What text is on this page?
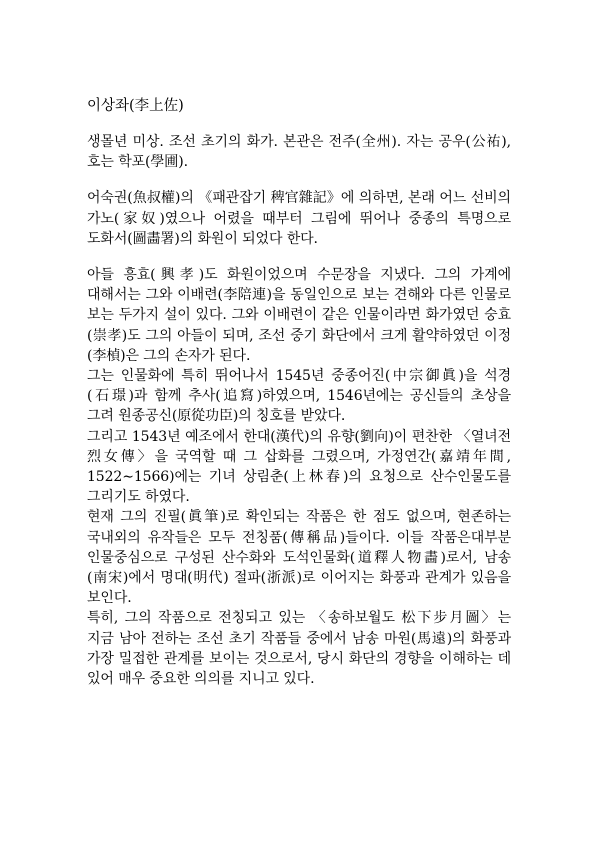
이상좌(李上佐)

생몰년 미상. 조선 초기의 화가. 본관은 전주(全州). 자는 공우(公祐), 호는 학포(學圃).

어숙권(魚叔權)의 《패관잡기 稗官雜記》에 의하면, 본래 어느 선비의 가노(家奴)였으나 어렸을 때부터 그림에 뛰어나 중종의 특명으로 도화서(圖畵署)의 화원이 되었다 한다.

아들 흥효(興孝)도 화원이었으며 수문장을 지냈다. 그의 가계에 대해서는 그와 이배련(李陪連)을 동일인으로 보는 견해와 다른 인물로 보는 두가지 설이 있다. 그와 이배련이 같은 인물이라면 화가였던 숭효(崇孝)도 그의 아들이 되며, 조선 중기 화단에서 크게 활약하였던 이정(李楨)은 그의 손자가 된다.

그는 인물화에 특히 뛰어나서 1545년 중종어진(中宗御眞)을 석경(石璟)과 함께 추사(追寫)하였으며, 1546년에는 공신들의 초상을 그려 원종공신(原從功臣)의 칭호를 받았다.

그리고 1543년 예조에서 한대(漢代)의 유향(劉向)이 편찬한 〈열녀전 烈女傳〉을 국역할 때 그 삽화를 그렸으며, 가정연간(嘉靖年間, 1522∼1566)에는 기녀 상림춘(上林春)의 요청으로 산수인물도를 그리기도 하였다.

현재 그의 진필(眞筆)로 확인되는 작품은 한 점도 없으며, 현존하는 국내외의 유작들은 모두 전칭품(傳稱品)들이다. 이들 작품은대부분 인물중심으로 구성된 산수화와 도석인물화(道釋人物畵)로서, 남송(南宋)에서 명대(明代) 절파(浙派)로 이어지는 화풍과 관계가 있음을 보인다.

특히, 그의 작품으로 전칭되고 있는 〈송하보월도 松下步月圖〉는 지금 남아 전하는 조선 초기 작품들 중에서 남송 마원(馬遠)의 화풍과 가장 밀접한 관계를 보이는 것으로서, 당시 화단의 경향을 이해하는 데 있어 매우 중요한 의의를 지니고 있다.
